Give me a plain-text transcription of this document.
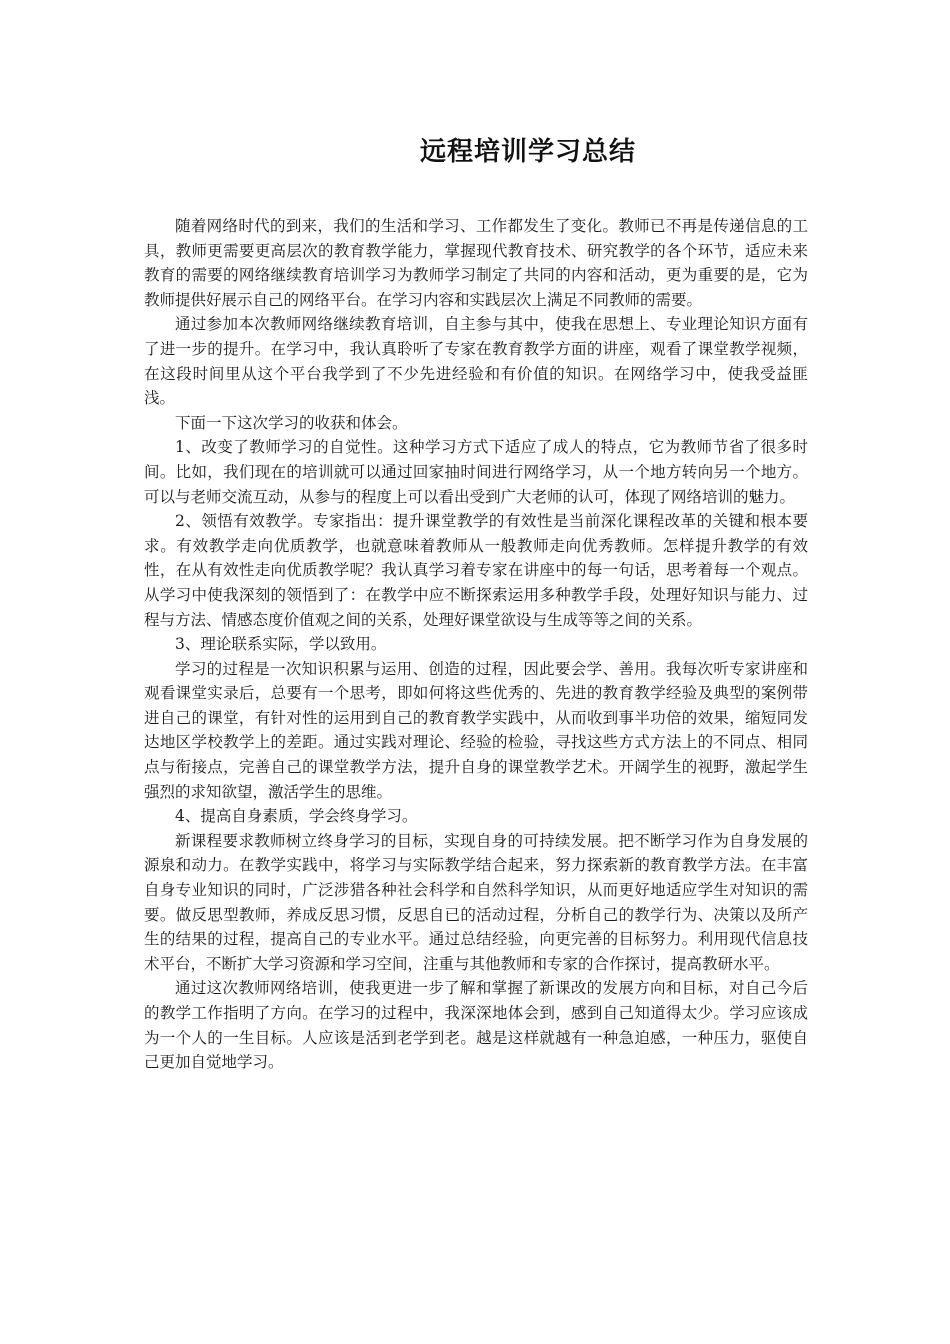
远程培训学习总结

随着网络时代的到来，我们的生活和学习、工作都发生了变化。教师已不再是传递信息的工具，教师更需要更高层次的教育教学能力，掌握现代教育技术、研究教学的各个环节，适应未来教育的需要的网络继续教育培训学习为教师学习制定了共同的内容和活动，更为重要的是，它为教师提供好展示自己的网络平台。在学习内容和实践层次上满足不同教师的需要。

通过参加本次教师网络继续教育培训，自主参与其中，使我在思想上、专业理论知识方面有了进一步的提升。在学习中，我认真聆听了专家在教育教学方面的讲座，观看了课堂教学视频，在这段时间里从这个平台我学到了不少先进经验和有价值的知识。在网络学习中，使我受益匪浅。

下面一下这次学习的收获和体会。

1、改变了教师学习的自觉性。这种学习方式下适应了成人的特点，它为教师节省了很多时间。比如，我们现在的培训就可以通过回家抽时间进行网络学习，从一个地方转向另一个地方。可以与老师交流互动，从参与的程度上可以看出受到广大老师的认可，体现了网络培训的魅力。

2、领悟有效教学。专家指出：提升课堂教学的有效性是当前深化课程改革的关键和根本要求。有效教学走向优质教学，也就意味着教师从一般教师走向优秀教师。怎样提升教学的有效性，在从有效性走向优质教学呢？我认真学习着专家在讲座中的每一句话，思考着每一个观点。从学习中使我深刻的领悟到了：在教学中应不断探索运用多种教学手段，处理好知识与能力、过程与方法、情感态度价值观之间的关系，处理好课堂欲设与生成等等之间的关系。

3、理论联系实际，学以致用。

学习的过程是一次知识积累与运用、创造的过程，因此要会学、善用。我每次听专家讲座和观看课堂实录后，总要有一个思考，即如何将这些优秀的、先进的教育教学经验及典型的案例带进自己的课堂，有针对性的运用到自己的教育教学实践中，从而收到事半功倍的效果，缩短同发达地区学校教学上的差距。通过实践对理论、经验的检验，寻找这些方式方法上的不同点、相同点与衔接点，完善自己的课堂教学方法，提升自身的课堂教学艺术。开阔学生的视野，激起学生强烈的求知欲望，激活学生的思维。

4、提高自身素质，学会终身学习。

新课程要求教师树立终身学习的目标，实现自身的可持续发展。把不断学习作为自身发展的源泉和动力。在教学实践中，将学习与实际教学结合起来，努力探索新的教育教学方法。在丰富自身专业知识的同时，广泛涉猎各种社会科学和自然科学知识，从而更好地适应学生对知识的需要。做反思型教师，养成反思习惯，反思自已的活动过程，分析自己的教学行为、决策以及所产生的结果的过程，提高自己的专业水平。通过总结经验，向更完善的目标努力。利用现代信息技术平台，不断扩大学习资源和学习空间，注重与其他教师和专家的合作探讨，提高教研水平。

通过这次教师网络培训，使我更进一步了解和掌握了新课改的发展方向和目标，对自己今后的教学工作指明了方向。在学习的过程中，我深深地体会到，感到自己知道得太少。学习应该成为一个人的一生目标。人应该是活到老学到老。越是这样就越有一种急迫感，一种压力，驱使自己更加自觉地学习。
